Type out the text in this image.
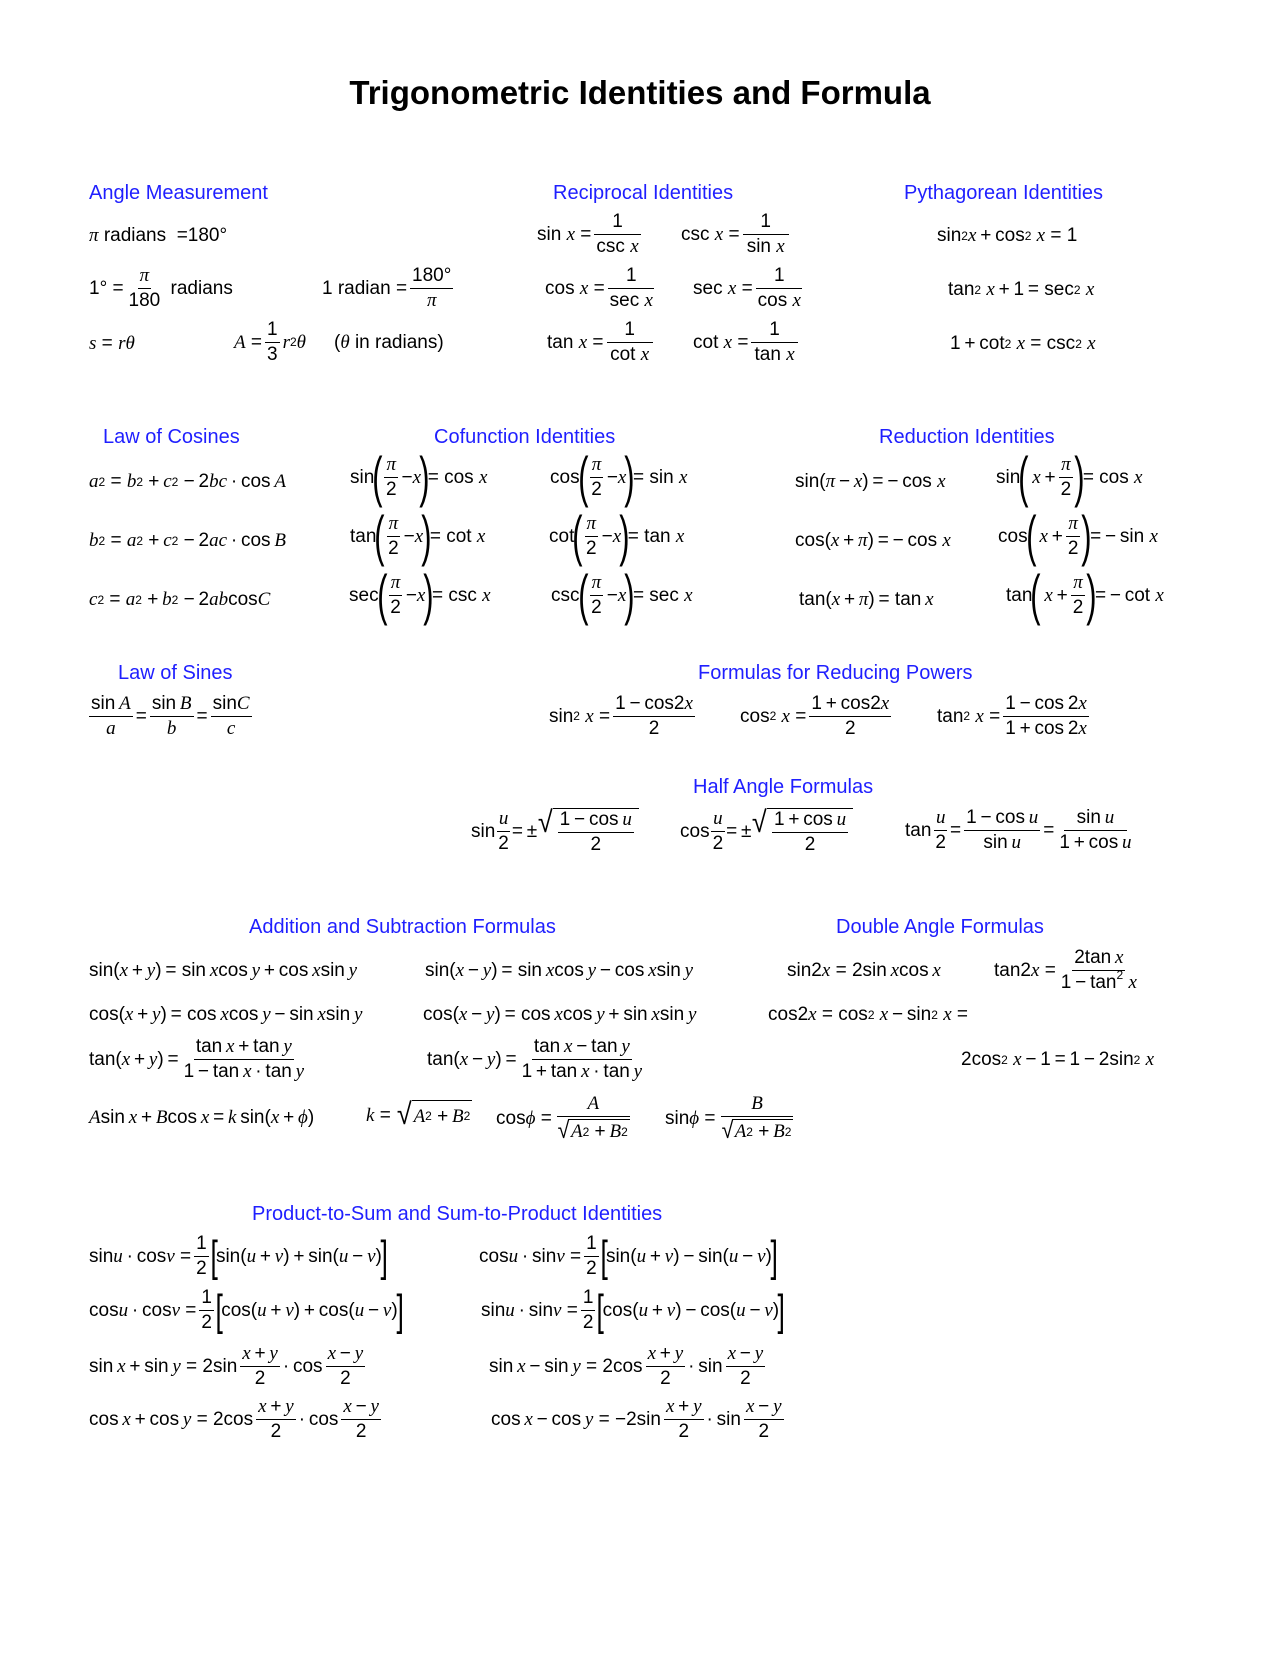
Trigonometric Identities and Formula
Angle Measurement	Reciprocal Identities	Pythagorean Identities
Law of Cosines	Cofunction Identities	Reduction Identities
Law of Sines	Formulas for Reducing Powers
Half Angle Formulas
Addition and Subtraction Formulas	Double Angle Formulas
Product-to-Sum and Sum-to-Product Identities
π
radians
=180°
$1^\circ = \frac{\pi}{180}$
radians	1 radian = $\frac{180^\circ}{\pi}$
s = r θ	A =
1
3
r 2 θ ( θ
in radians)
sin x =
1
csc x
csc x =
1
sin x
cos x =
1
sec x
sec x =
1
cos x
tan x =
1
cot x
cot x =
1
tan x
sin 2 x  + cos 2
x = 1
tan 2
x  + 1 = sec 2
x
1 + cot 2
x = csc 2
x
a 2 = b 2 +  c 2 − 2 bc  · cos  A
b 2 = a 2 +  c 2 − 2 ac  · cos  B
c 2 = a 2 +  b 2 − 2 ab cos C
sin
( π
2
− x
)
= cos x	cos
( π
2
− x
)
= sin x
tan
( π
2
− x
)
= cot x	cot
( π
2
− x
)
= tan x
sec
( π
2
− x
)
= csc x	csc
( π
2
− x
)
= sec x
sin( π  −  x ) = − cos x	sin
(
x  +
π
2 )
= cos x
cos( x  +  π ) = − cos x cos
(
x  +
π
2 )
= − sin x
tan( x  +  π ) = tan  x	tan
(
x  +
π
2 )
= − cot x
sin A
a
=
sin B
b
=
sinC
c
sin 2
x =
1 − cos2x
2
cos 2
x =
1 + cos2x
2
tan 2
x =
1 − cos 2x
1 + cos 2x
sin
u
2
= ± √ 1 − cos u
2
cos
u
2
= ± √ 1 + cos u
2
tan
u
2
=
1 − cos u
sin u
=
sin u
1 + cos u
sin( x  +  y ) = sin  x cos  y  + cos  x sin  y	sin( x  −  y ) = sin  x cos  y  − cos  x sin  y
cos( x  +  y ) = cos  x cos  y  − sin  x sin  y	cos( x  −  y ) = cos  x cos  y  + sin  x sin  y
tan( x  +  y ) =
tan x + tan y
1 − tan x · tan y
tan( x  −  y ) =
tan x − tan y
1 + tan x · tan y
A sin  x  +  B cos  x  =  k  sin( x  +  ϕ )	k = √ A 2 +  B 2 cos ϕ =
A
√ A 2 +  B 2
sin ϕ =
B
√ A 2 +  B 2
sin2 x = 2sin  x cos  x	tan2 x =
2tan x
$1 - \tan^2 x$
cos2 x = cos 2
x  − sin 2
x =
2cos 2
x  − 1 = 1 − 2sin 2
x
sin u  · cos v =
1
2 [
sin( u  +  v ) + sin( u  −  v )
]	cos u  · sin v =
1
2 [
sin( u  +  v ) − sin( u  −  v )
]
cos u  · cos v =
1
2 [
cos( u  +  v ) + cos( u  −  v )
]	sin u  · sin v =
1
2 [
cos( u  +  v ) − cos( u  −  v )
]
sin  x  + sin  y = 2sin
x + y
2
· cos
x − y
2
sin  x  − sin  y = 2cos
x + y
2
· sin
x − y
2
cos  x  + cos  y = 2cos
x + y
2
· cos
x − y
2
cos  x  − cos  y = −2sin
x + y
2
· sin
x − y
2
